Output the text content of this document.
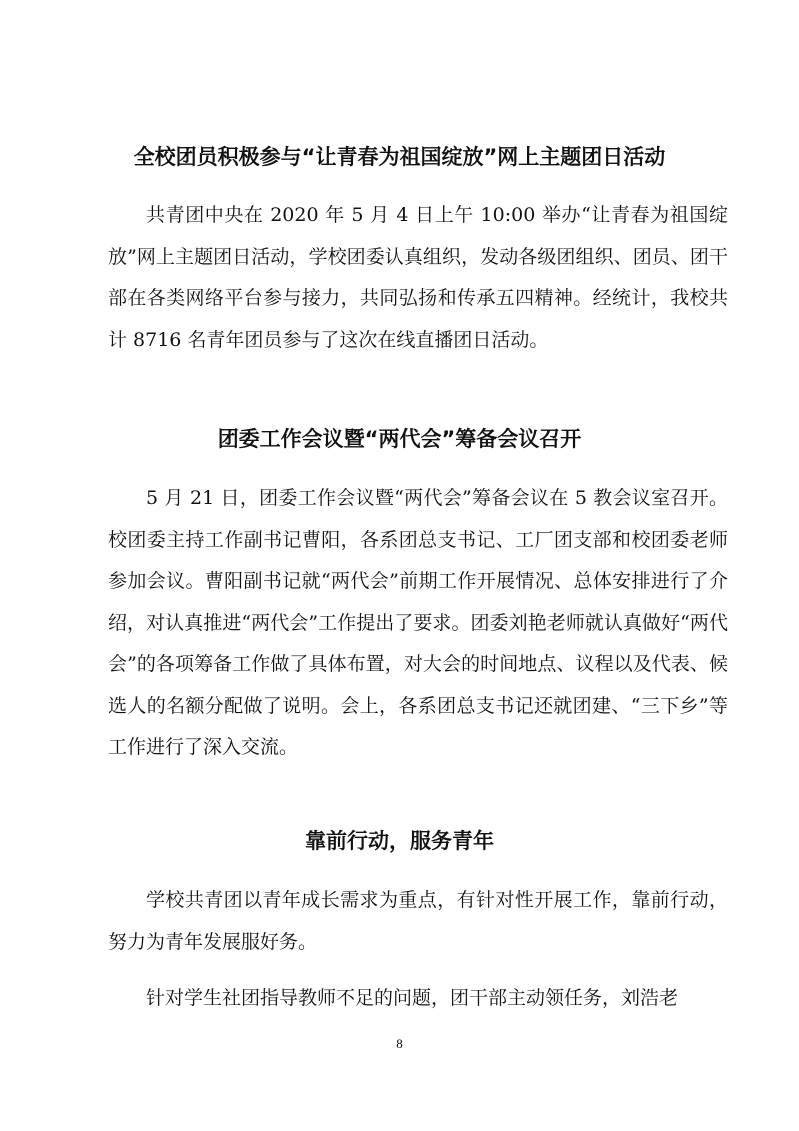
全校团员积极参与“让青春为祖国绽放”网上主题团日活动

共青团中央在 2020 年 5 月 4 日上午 10:00 举办“让青春为祖国绽放”网上主题团日活动，学校团委认真组织，发动各级团组织、团员、团干部在各类网络平台参与接力，共同弘扬和传承五四精神。经统计，我校共计 8716 名青年团员参与了这次在线直播团日活动。

团委工作会议暨“两代会”筹备会议召开

5 月 21 日，团委工作会议暨“两代会”筹备会议在 5 教会议室召开。校团委主持工作副书记曹阳，各系团总支书记、工厂团支部和校团委老师参加会议。曹阳副书记就“两代会”前期工作开展情况、总体安排进行了介绍，对认真推进“两代会”工作提出了要求。团委刘艳老师就认真做好“两代会”的各项筹备工作做了具体布置，对大会的时间地点、议程以及代表、候选人的名额分配做了说明。会上，各系团总支书记还就团建、“三下乡”等工作进行了深入交流。

靠前行动，服务青年

学校共青团以青年成长需求为重点，有针对性开展工作，靠前行动，努力为青年发展服好务。

针对学生社团指导教师不足的问题，团干部主动领任务，刘浩老

8
